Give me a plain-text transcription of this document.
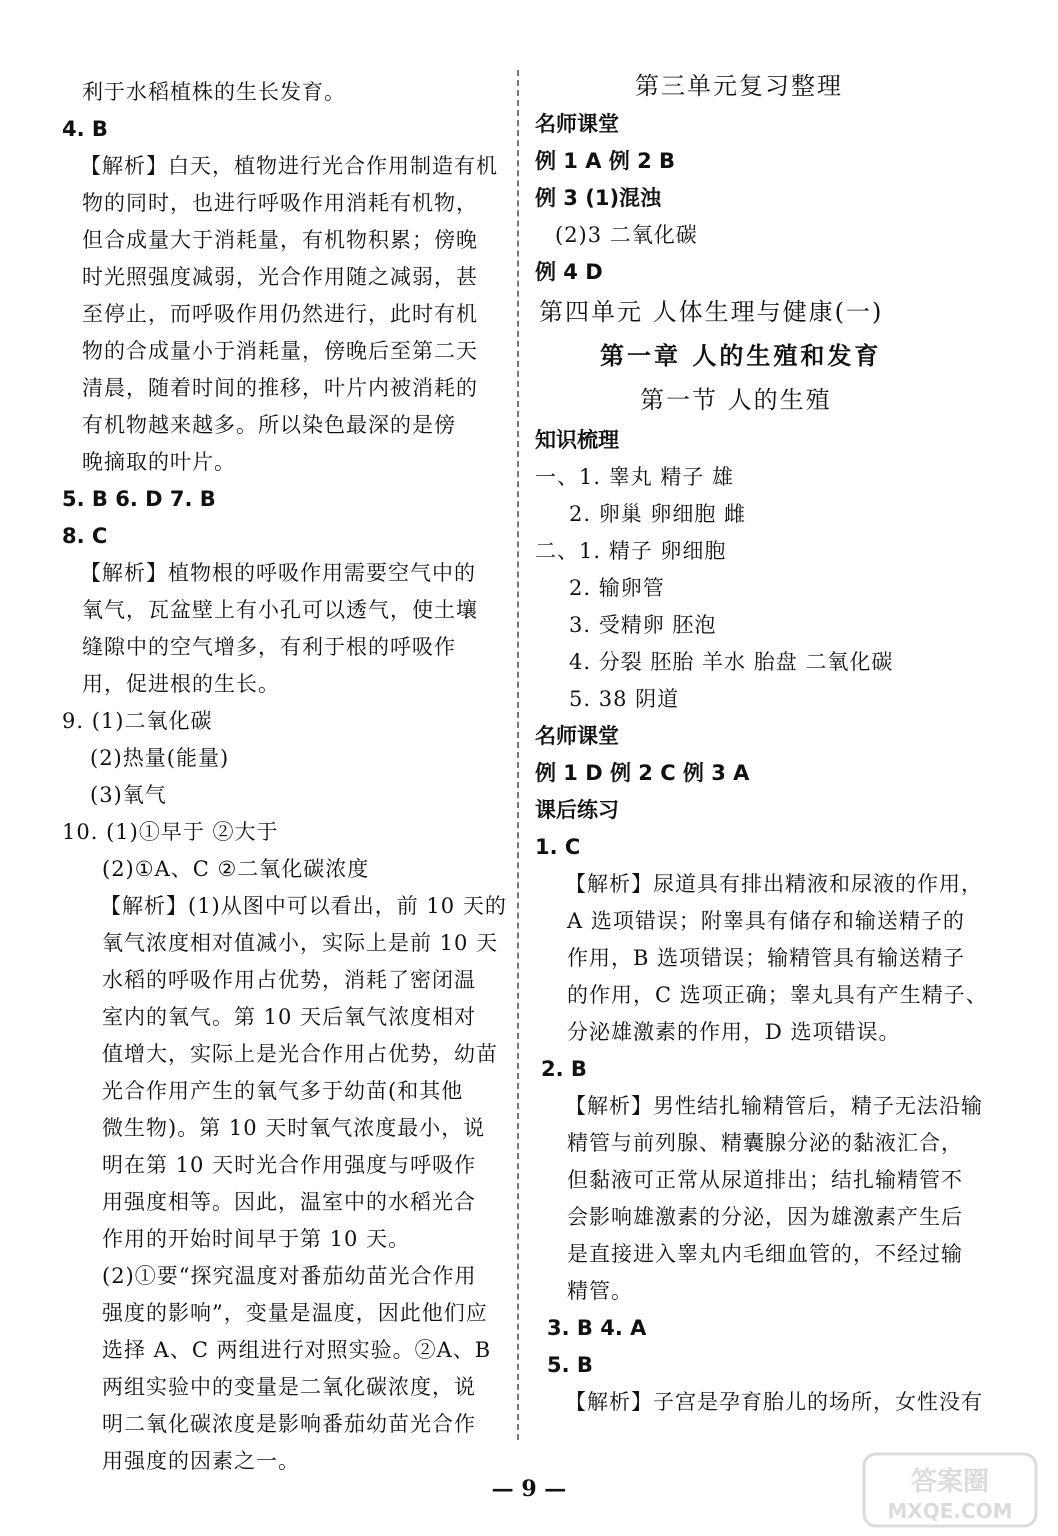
利于水稻植株的生长发育。
4. B
【解析】白天，植物进行光合作用制造有机
物的同时，也进行呼吸作用消耗有机物，
但合成量大于消耗量，有机物积累；傍晚
时光照强度减弱，光合作用随之减弱，甚
至停止，而呼吸作用仍然进行，此时有机
物的合成量小于消耗量，傍晚后至第二天
清晨，随着时间的推移，叶片内被消耗的
有机物越来越多。所以染色最深的是傍
晚摘取的叶片。
5. B 6. D 7. B
8. C
【解析】植物根的呼吸作用需要空气中的
氧气，瓦盆壁上有小孔可以透气，使土壤
缝隙中的空气增多，有利于根的呼吸作
用，促进根的生长。
9. (1)二氧化碳
(2)热量(能量)
(3)氧气
10. (1)①早于 ②大于
(2)①A、C ②二氧化碳浓度
【解析】(1)从图中可以看出，前 10 天的
氧气浓度相对值减小，实际上是前 10 天
水稻的呼吸作用占优势，消耗了密闭温
室内的氧气。第 10 天后氧气浓度相对
值增大，实际上是光合作用占优势，幼苗
光合作用产生的氧气多于幼苗(和其他
微生物)。第 10 天时氧气浓度最小，说
明在第 10 天时光合作用强度与呼吸作
用强度相等。因此，温室中的水稻光合
作用的开始时间早于第 10 天。
(2)①要“探究温度对番茄幼苗光合作用
强度的影响”，变量是温度，因此他们应
选择 A、C 两组进行对照实验。②A、B
两组实验中的变量是二氧化碳浓度，说
明二氧化碳浓度是影响番茄幼苗光合作
用强度的因素之一。
第三单元复习整理
名师课堂
例 1 A 例 2 B
例 3 (1)混浊
(2)3 二氧化碳
例 4 D
第四单元 人体生理与健康(一)
第一章 人的生殖和发育
第一节 人的生殖
知识梳理
一、1. 睾丸 精子 雄
2. 卵巢 卵细胞 雌
二、1. 精子 卵细胞
2. 输卵管
3. 受精卵 胚泡
4. 分裂 胚胎 羊水 胎盘 二氧化碳
5. 38 阴道
名师课堂
例 1 D 例 2 C 例 3 A
课后练习
1. C
【解析】尿道具有排出精液和尿液的作用，
A 选项错误；附睾具有储存和输送精子的
作用，B 选项错误；输精管具有输送精子
的作用，C 选项正确；睾丸具有产生精子、
分泌雄激素的作用，D 选项错误。
2. B
【解析】男性结扎输精管后，精子无法沿输
精管与前列腺、精囊腺分泌的黏液汇合，
但黏液可正常从尿道排出；结扎输精管不
会影响雄激素的分泌，因为雄激素产生后
是直接进入睾丸内毛细血管的，不经过输
精管。
3. B 4. A
5. B
【解析】子宫是孕育胎儿的场所，女性没有
— 9 —	答案圈
MXQE.COM
